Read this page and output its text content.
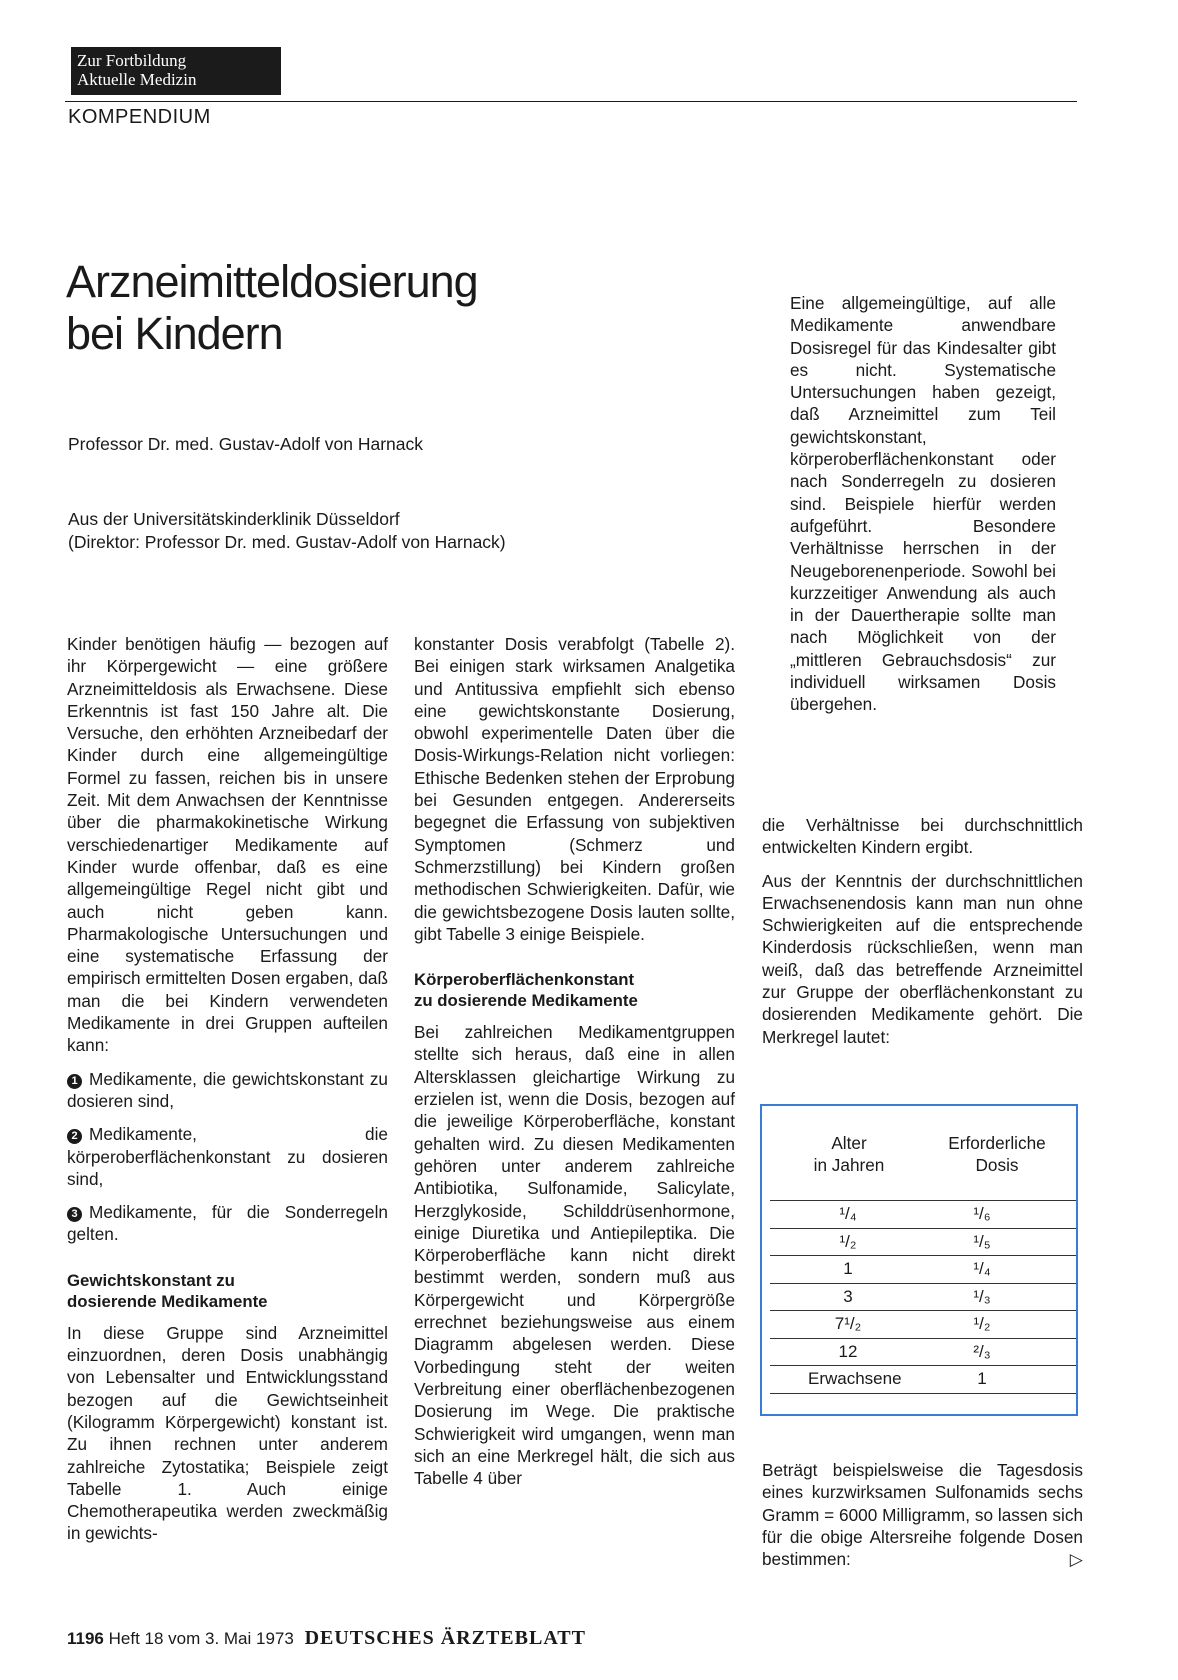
Zur Fortbildung
Aktuelle Medizin
KOMPENDIUM
Arzneimitteldosierung
bei Kindern
Professor Dr. med. Gustav-Adolf von Harnack
Aus der Universitätskinderklinik Düsseldorf
(Direktor: Professor Dr. med. Gustav-Adolf von Harnack)

Eine allgemeingültige, auf alle Medikamente anwendbare Dosisregel für das Kindesalter gibt es nicht. Systematische Untersuchungen haben gezeigt, daß Arzneimittel zum Teil gewichtskonstant, körperoberflächenkonstant oder nach Sonderregeln zu dosieren sind. Beispiele hierfür werden aufgeführt. Besondere Verhältnisse herrschen in der Neugeborenenperiode. Sowohl bei kurzzeitiger Anwendung als auch in der Dauertherapie sollte man nach Möglichkeit von der „mittleren Gebrauchsdosis“ zur individuell wirksamen Dosis übergehen.

Kinder benötigen häufig — bezogen auf ihr Körpergewicht — eine größere Arzneimitteldosis als Erwachsene. Diese Erkenntnis ist fast 150 Jahre alt. Die Versuche, den erhöhten Arzneibedarf der Kinder durch eine allgemeingültige Formel zu fassen, reichen bis in unsere Zeit. Mit dem Anwachsen der Kenntnisse über die pharmakokinetische Wirkung verschiedenartiger Medikamente auf Kinder wurde offenbar, daß es eine allgemeingültige Regel nicht gibt und auch nicht geben kann. Pharmakologische Untersuchungen und eine systematische Erfassung der empirisch ermittelten Dosen ergaben, daß man die bei Kindern verwendeten Medikamente in drei Gruppen aufteilen kann:

1 Medikamente, die gewichtskonstant zu dosieren sind,

2 Medikamente, die körperoberflächenkonstant zu dosieren sind,

3 Medikamente, für die Sonderregeln gelten.

Gewichtskonstant zu
dosierende Medikamente

In diese Gruppe sind Arzneimittel einzuordnen, deren Dosis unabhängig von Lebensalter und Entwicklungsstand bezogen auf die Gewichtseinheit (Kilogramm Körpergewicht) konstant ist. Zu ihnen rechnen unter anderem zahlreiche Zytostatika; Beispiele zeigt Tabelle 1. Auch einige Chemotherapeutika werden zweckmäßig in gewichts-

konstanter Dosis verabfolgt (Tabelle 2). Bei einigen stark wirksamen Analgetika und Antitussiva empfiehlt sich ebenso eine gewichtskonstante Dosierung, obwohl experimentelle Daten über die Dosis-Wirkungs-Relation nicht vorliegen: Ethische Bedenken stehen der Erprobung bei Gesunden entgegen. Andererseits begegnet die Erfassung von subjektiven Symptomen (Schmerz und Schmerzstillung) bei Kindern großen methodischen Schwierigkeiten. Dafür, wie die gewichtsbezogene Dosis lauten sollte, gibt Tabelle 3 einige Beispiele.

Körperoberflächenkonstant
zu dosierende Medikamente

Bei zahlreichen Medikamentgruppen stellte sich heraus, daß eine in allen Altersklassen gleichartige Wirkung zu erzielen ist, wenn die Dosis, bezogen auf die jeweilige Körperoberfläche, konstant gehalten wird. Zu diesen Medikamenten gehören unter anderem zahlreiche Antibiotika, Sulfonamide, Salicylate, Herzglykoside, Schilddrüsenhormone, einige Diuretika und Antiepileptika. Die Körperoberfläche kann nicht direkt bestimmt werden, sondern muß aus Körpergewicht und Körpergröße errechnet beziehungsweise aus einem Diagramm abgelesen werden. Diese Vorbedingung steht der weiten Verbreitung einer oberflächenbezogenen Dosierung im Wege. Die praktische Schwierigkeit wird umgangen, wenn man sich an eine Merkregel hält, die sich aus Tabelle 4 über

die Verhältnisse bei durchschnittlich entwickelten Kindern ergibt.

Aus der Kenntnis der durchschnittlichen Erwachsenendosis kann man nun ohne Schwierigkeiten auf die entsprechende Kinderdosis rückschließen, wenn man weiß, daß das betreffende Arzneimittel zur Gruppe der oberflächenkonstant zu dosierenden Medikamente gehört. Die Merkregel lautet:

Alter
in Jahren
Erforderliche
Dosis
¹/₄	¹/₆
¹/₂	¹/₅
1	¹/₄
3	¹/₃
7¹/₂	¹/₂
12	²/₃
Erwachsene	1

Beträgt beispielsweise die Tagesdosis eines kurzwirksamen Sulfonamids sechs Gramm = 6000 Milligramm, so lassen sich für die obige Altersreihe folgende Dosen bestimmen:	▷

1196 Heft 18 vom 3. Mai 1973 DEUTSCHES ÄRZTEBLATT
